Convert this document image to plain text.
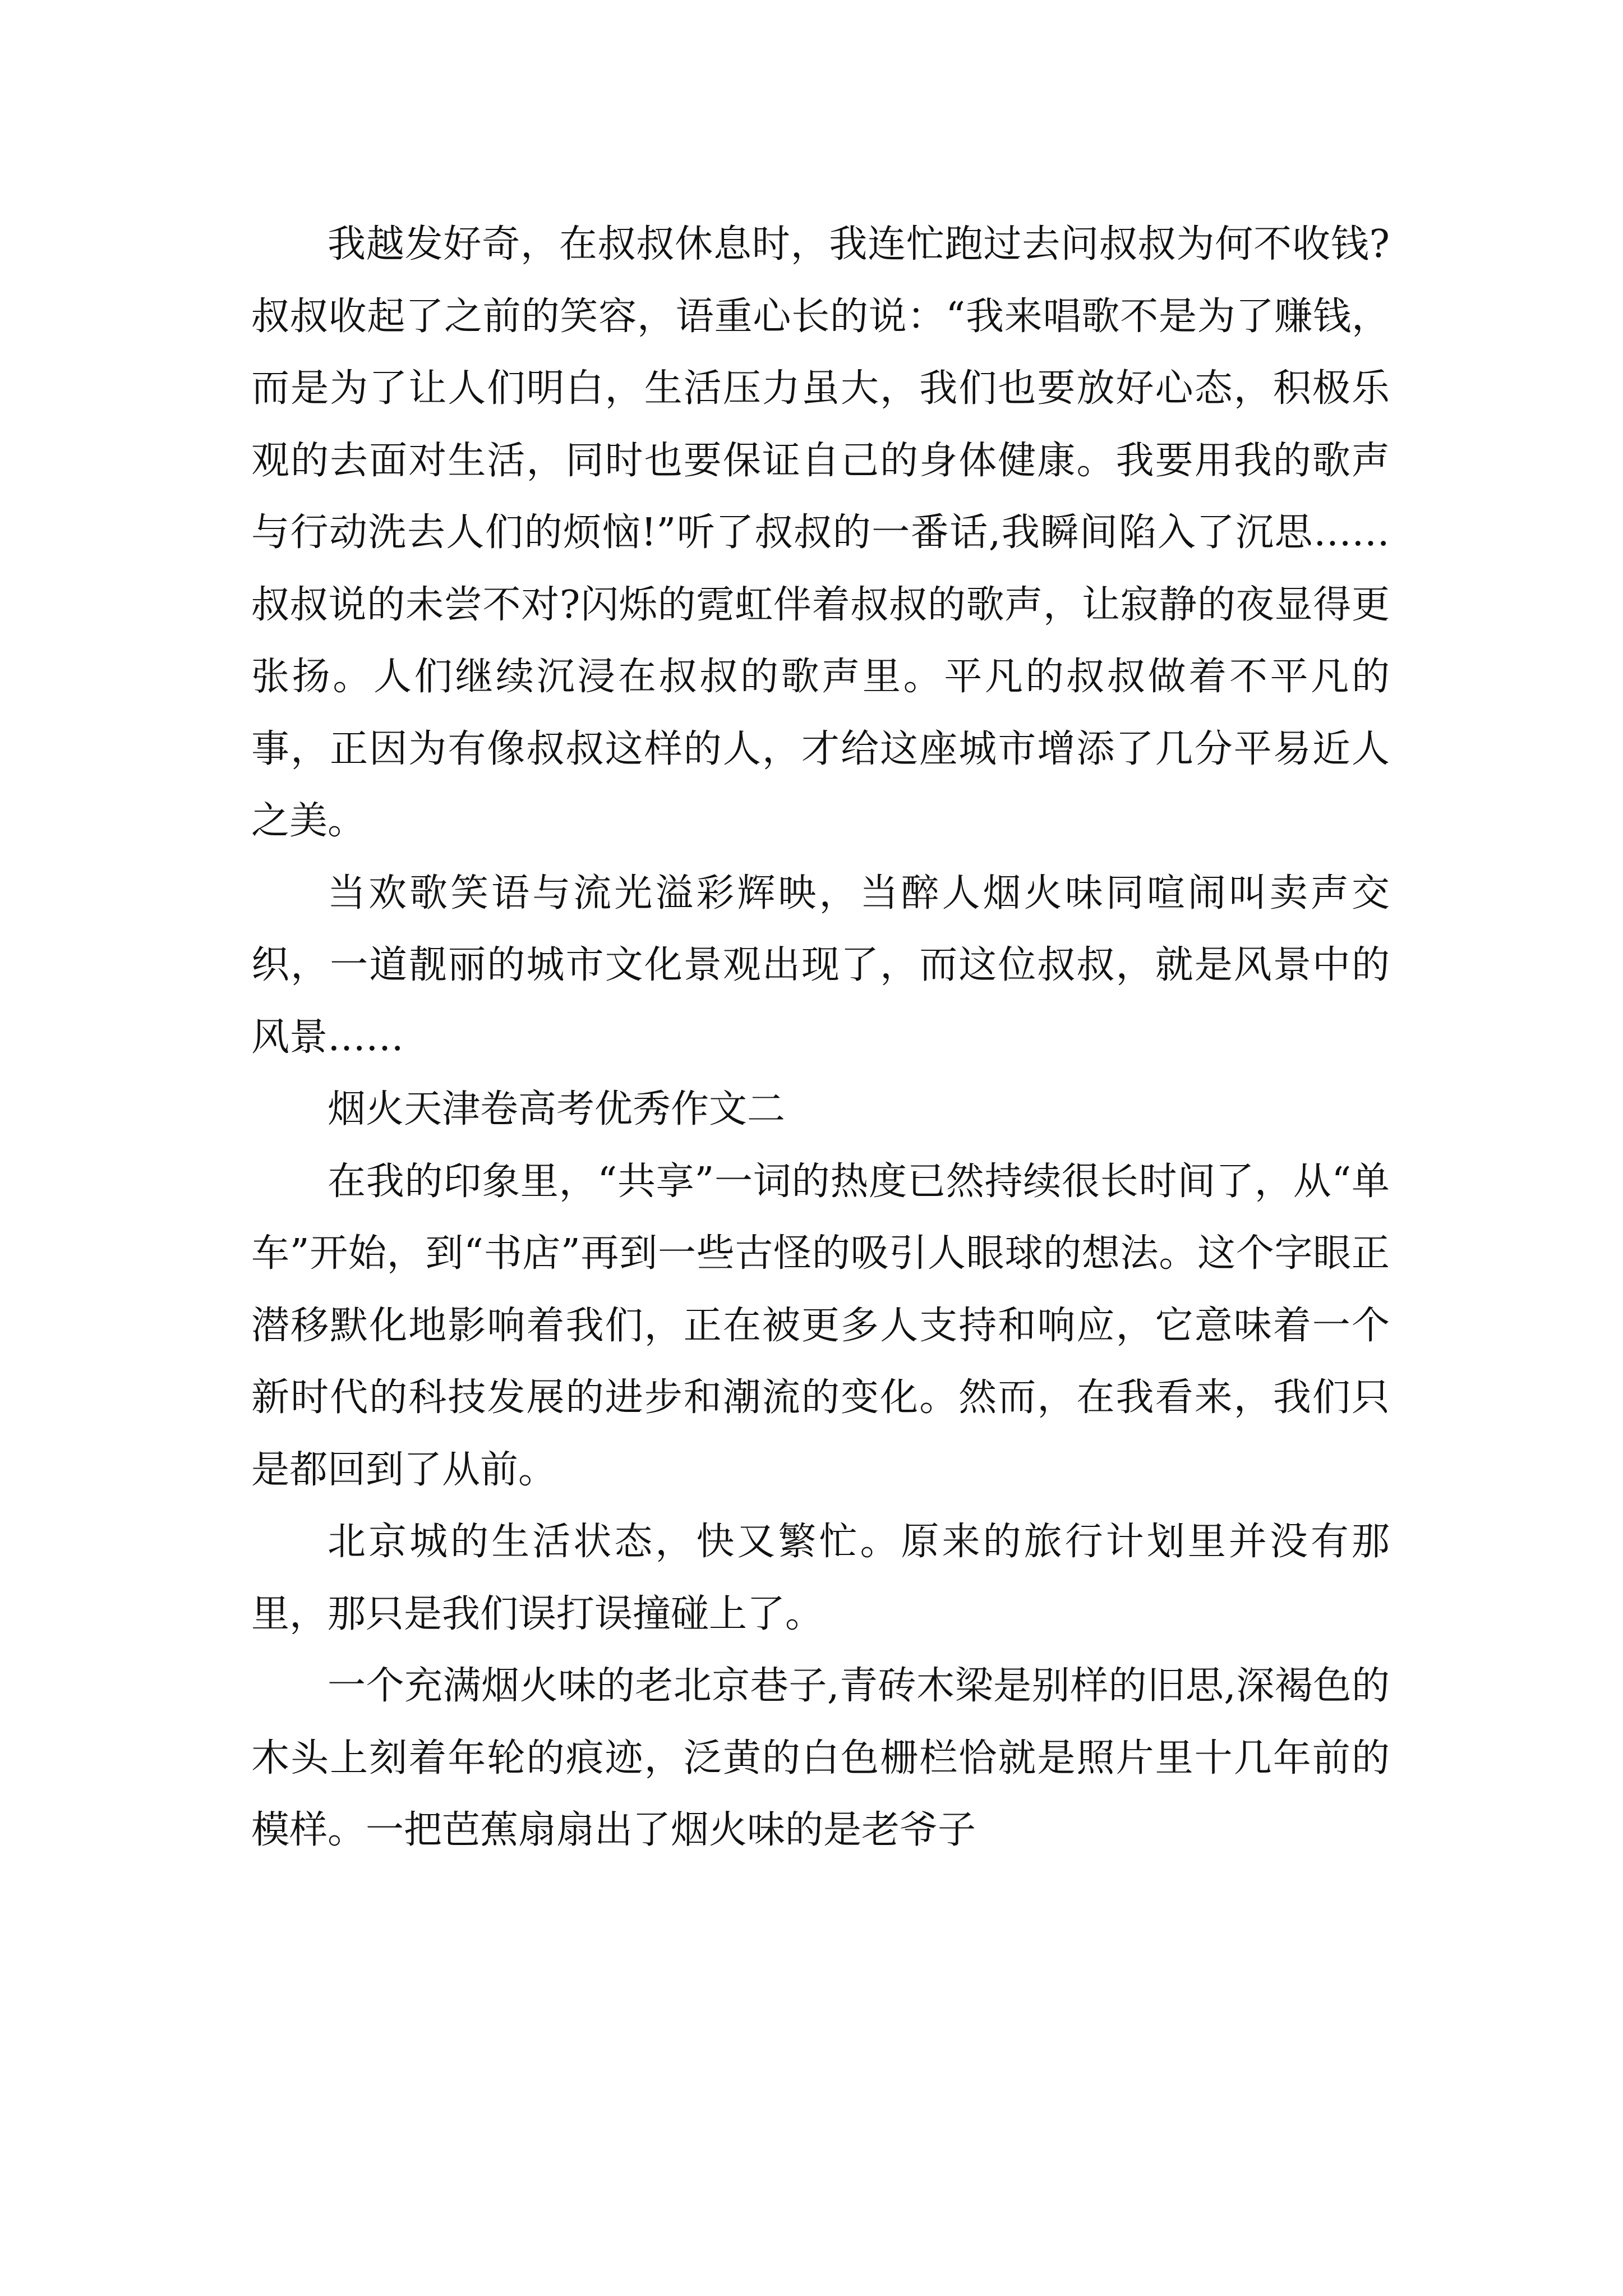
我越发好奇，在叔叔休息时，我连忙跑过去问叔叔为何不收钱?叔叔收起了之前的笑容，语重心长的说：“我来唱歌不是为了赚钱，而是为了让人们明白，生活压力虽大，我们也要放好心态，积极乐观的去面对生活，同时也要保证自己的身体健康。我要用我的歌声与行动洗去人们的烦恼!”听了叔叔的一番话,我瞬间陷入了沉思……叔叔说的未尝不对?闪烁的霓虹伴着叔叔的歌声，让寂静的夜显得更张扬。人们继续沉浸在叔叔的歌声里。平凡的叔叔做着不平凡的事，正因为有像叔叔这样的人，才给这座城市增添了几分平易近人之美。
当欢歌笑语与流光溢彩辉映，当醉人烟火味同喧闹叫卖声交织，一道靓丽的城市文化景观出现了，而这位叔叔，就是风景中的风景……
烟火天津卷高考优秀作文二
在我的印象里，“共享”一词的热度已然持续很长时间了，从“单车”开始，到“书店”再到一些古怪的吸引人眼球的想法。这个字眼正潜移默化地影响着我们，正在被更多人支持和响应，它意味着一个新时代的科技发展的进步和潮流的变化。然而，在我看来，我们只是都回到了从前。
北京城的生活状态，快又繁忙。原来的旅行计划里并没有那里，那只是我们误打误撞碰上了。
一个充满烟火味的老北京巷子,青砖木梁是别样的旧思,深褐色的木头上刻着年轮的痕迹，泛黄的白色栅栏恰就是照片里十几年前的模样。一把芭蕉扇扇出了烟火味的是老爷子
